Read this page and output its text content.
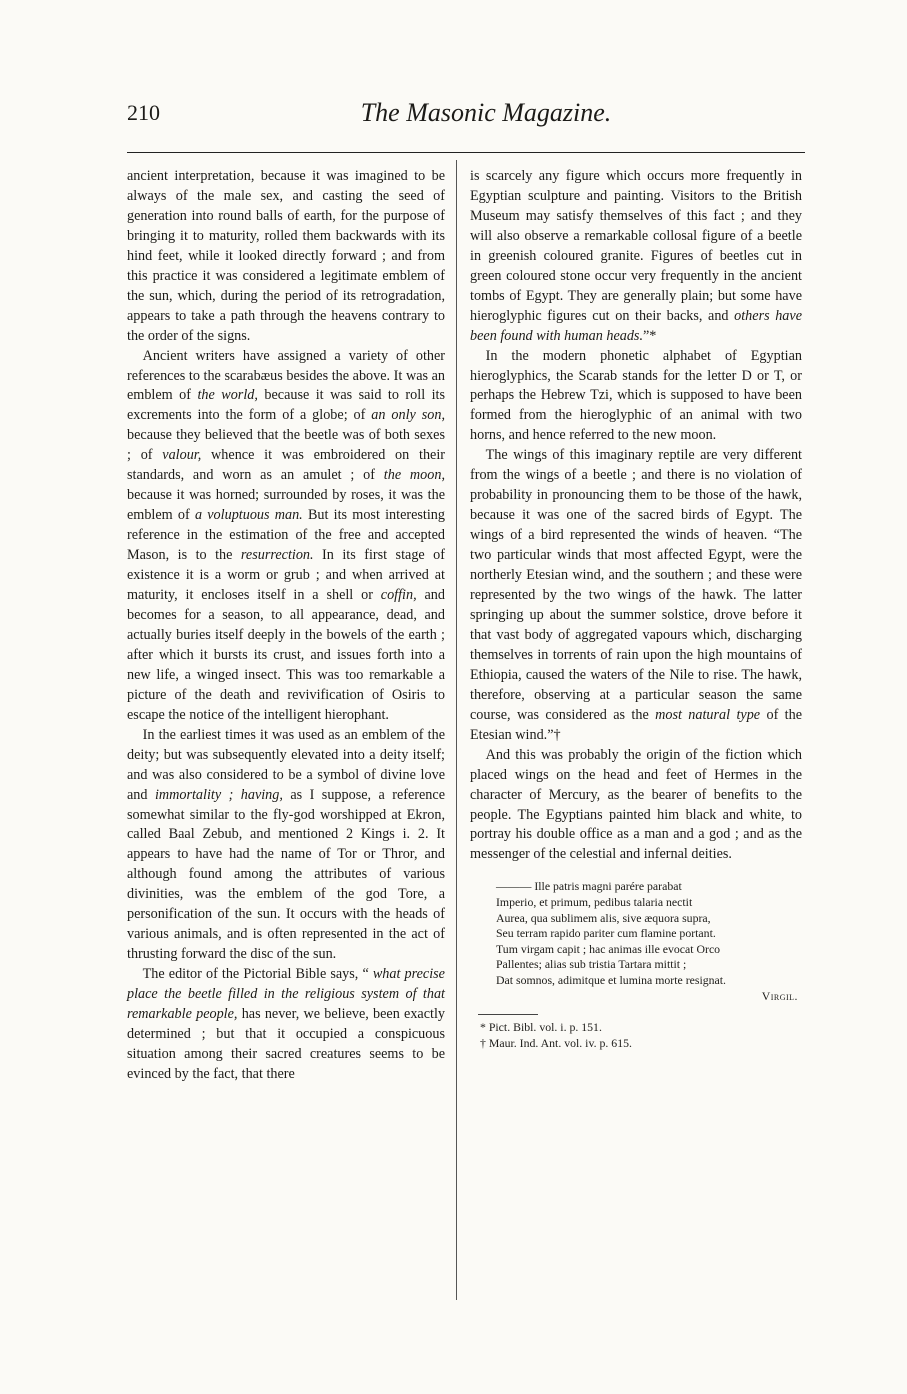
210	The Masonic Magazine.

ancient interpretation, because it was imagined to be always of the male sex, and casting the seed of generation into round balls of earth, for the purpose of bringing it to maturity, rolled them backwards with its hind feet, while it looked directly forward ; and from this practice it was considered a legitimate emblem of the sun, which, during the period of its retrogradation, appears to take a path through the heavens contrary to the order of the signs.

Ancient writers have assigned a variety of other references to the scarabæus besides the above. It was an emblem of the world, because it was said to roll its excrements into the form of a globe; of an only son, because they believed that the beetle was of both sexes ; of valour, whence it was embroidered on their standards, and worn as an amulet ; of the moon, because it was horned; surrounded by roses, it was the emblem of a voluptuous man. But its most interesting reference in the estimation of the free and accepted Mason, is to the resurrection. In its first stage of existence it is a worm or grub ; and when arrived at maturity, it encloses itself in a shell or coffin, and becomes for a season, to all appearance, dead, and actually buries itself deeply in the bowels of the earth ; after which it bursts its crust, and issues forth into a new life, a winged insect. This was too remarkable a picture of the death and revivification of Osiris to escape the notice of the intelligent hierophant.

In the earliest times it was used as an emblem of the deity; but was subsequently elevated into a deity itself; and was also considered to be a symbol of divine love and immortality ; having, as I suppose, a reference somewhat similar to the fly-god worshipped at Ekron, called Baal Zebub, and mentioned 2 Kings i. 2. It appears to have had the name of Tor or Thror, and although found among the attributes of various divinities, was the emblem of the god Tore, a personification of the sun. It occurs with the heads of various animals, and is often represented in the act of thrusting forward the disc of the sun.

The editor of the Pictorial Bible says, “ what precise place the beetle filled in the religious system of that remarkable people, has never, we believe, been exactly determined ; but that it occupied a conspicuous situation among their sacred creatures seems to be evinced by the fact, that there

is scarcely any figure which occurs more frequently in Egyptian sculpture and painting. Visitors to the British Museum may satisfy themselves of this fact ; and they will also observe a remarkable collosal figure of a beetle in greenish coloured granite. Figures of beetles cut in green coloured stone occur very frequently in the ancient tombs of Egypt. They are generally plain; but some have hieroglyphic figures cut on their backs, and others have been found with human heads.”*

In the modern phonetic alphabet of Egyptian hieroglyphics, the Scarab stands for the letter D or T, or perhaps the Hebrew Tzi, which is supposed to have been formed from the hieroglyphic of an animal with two horns, and hence referred to the new moon.

The wings of this imaginary reptile are very different from the wings of a beetle ; and there is no violation of probability in pronouncing them to be those of the hawk, because it was one of the sacred birds of Egypt. The wings of a bird represented the winds of heaven. “The two particular winds that most affected Egypt, were the northerly Etesian wind, and the southern ; and these were represented by the two wings of the hawk. The latter springing up about the summer solstice, drove before it that vast body of aggregated vapours which, discharging themselves in torrents of rain upon the high mountains of Ethiopia, caused the waters of the Nile to rise. The hawk, therefore, observing at a particular season the same course, was considered as the most natural type of the Etesian wind.”†

And this was probably the origin of the fiction which placed wings on the head and feet of Hermes in the character of Mercury, as the bearer of benefits to the people. The Egyptians painted him black and white, to portray his double office as a man and a god ; and as the messenger of the celestial and infernal deities.

——— Ille patris magni parére parabat
Imperio, et primum, pedibus talaria nectit
Aurea, qua sublimem alis, sive æquora supra,
Seu terram rapido pariter cum flamine portant.
Tum virgam capit ; hac animas ille evocat Orco
Pallentes; alias sub tristia Tartara mittit ;
Dat somnos, adimitque et lumina morte resignat.
Virgil.
* Pict. Bibl. vol. i. p. 151.
† Maur. Ind. Ant. vol. iv. p. 615.
